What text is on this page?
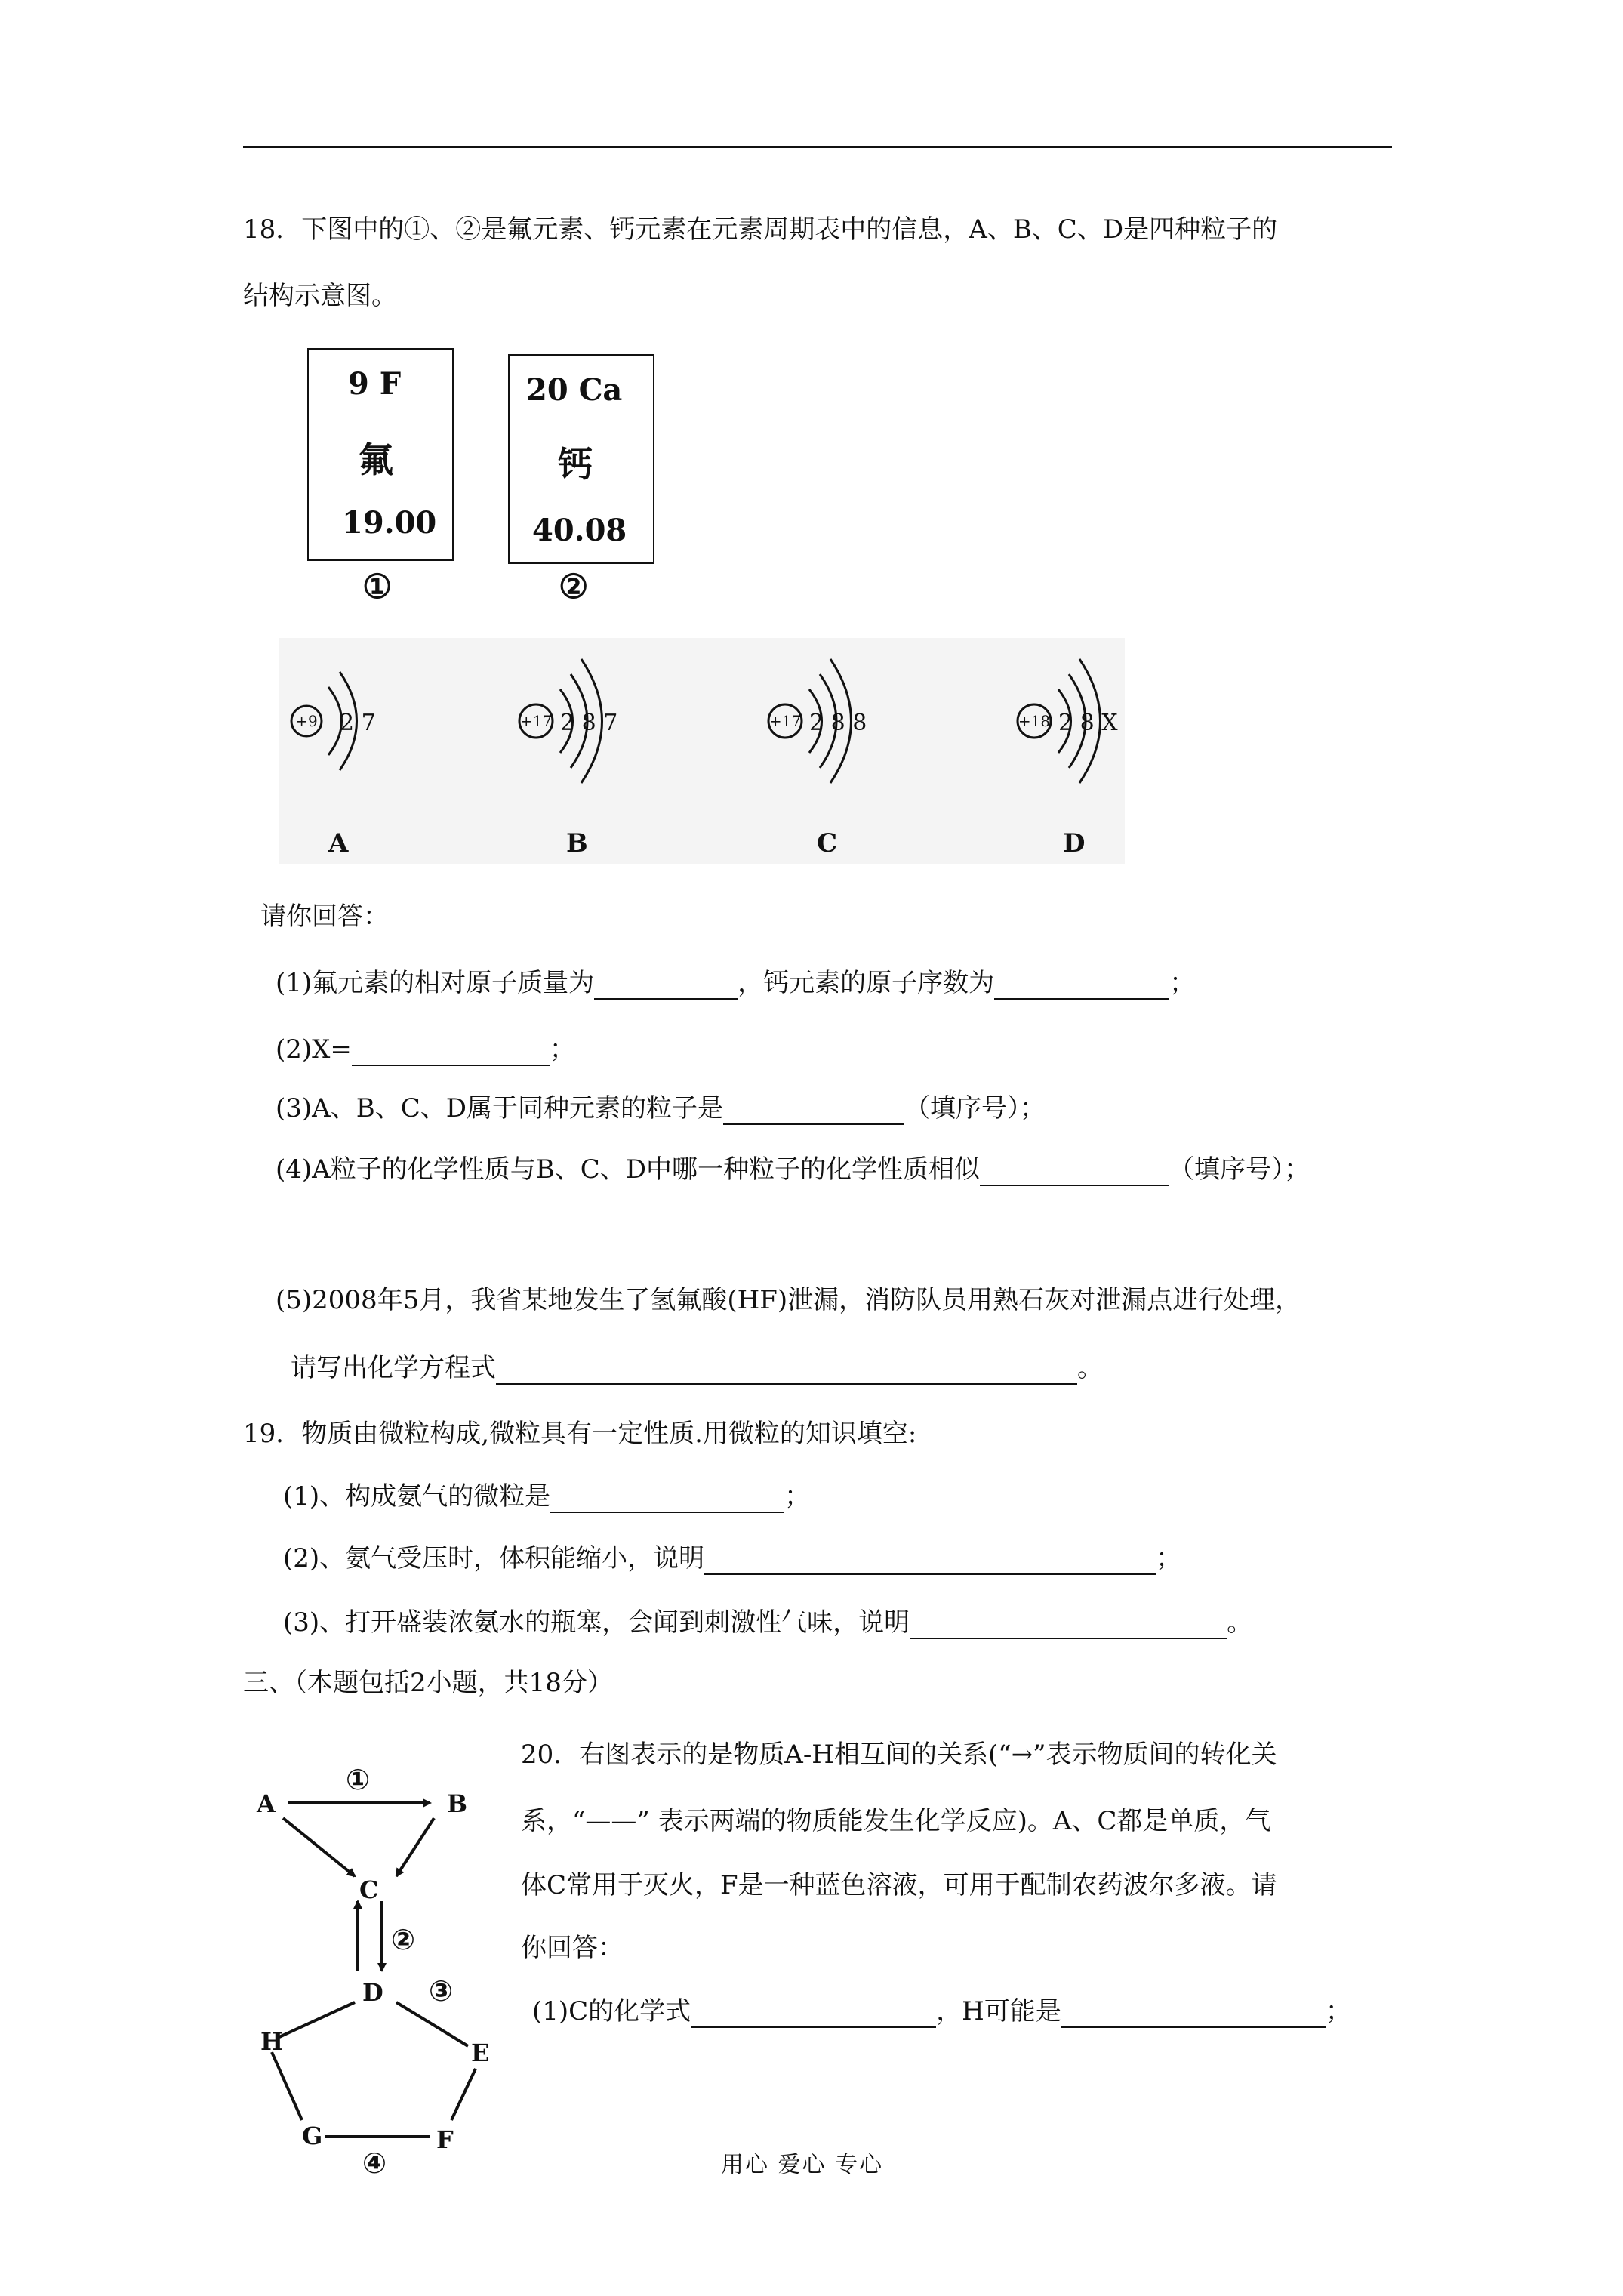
18．下图中的①、②是氟元素、钙元素在元素周期表中的信息，A、B、C、D是四种粒子的
结构示意图。
9 F
氟
19.00
①
20 Ca
钙
40.08
②
+9 2 7	+17 2 8 7	+17 2 8 8	+18 2 8 X
A	B	C	D
请你回答：
(1)氟元素的相对原子质量为	，钙元素的原子序数为	；
(2)X=	；
(3)A、B、C、D属于同种元素的粒子是	（填序号）；
(4)A粒子的化学性质与B、C、D中哪一种粒子的化学性质相似	（填序号）；
(5)2008年5月，我省某地发生了氢氟酸(HF)泄漏，消防队员用熟石灰对泄漏点进行处理，
请写出化学方程式	。
19．物质由微粒构成,微粒具有一定性质.用微粒的知识填空:
(1)、构成氨气的微粒是	；
(2)、氨气受压时，体积能缩小，说明	；
(3)、打开盛装浓氨水的瓶塞，会闻到刺激性气味，说明	。
三、（本题包括2小题，共18分）
A	B
C
D
E
F
G
H
①
②
③
④
20．右图表示的是物质A-H相互间的关系(“→”表示物质间的转化关
系，“——” 表示两端的物质能发生化学反应)。A、C都是单质，气
体C常用于灭火，F是一种蓝色溶液，可用于配制农药波尔多液。请
你回答：
(1)C的化学式	，H可能是	；
用心 爱心 专心
